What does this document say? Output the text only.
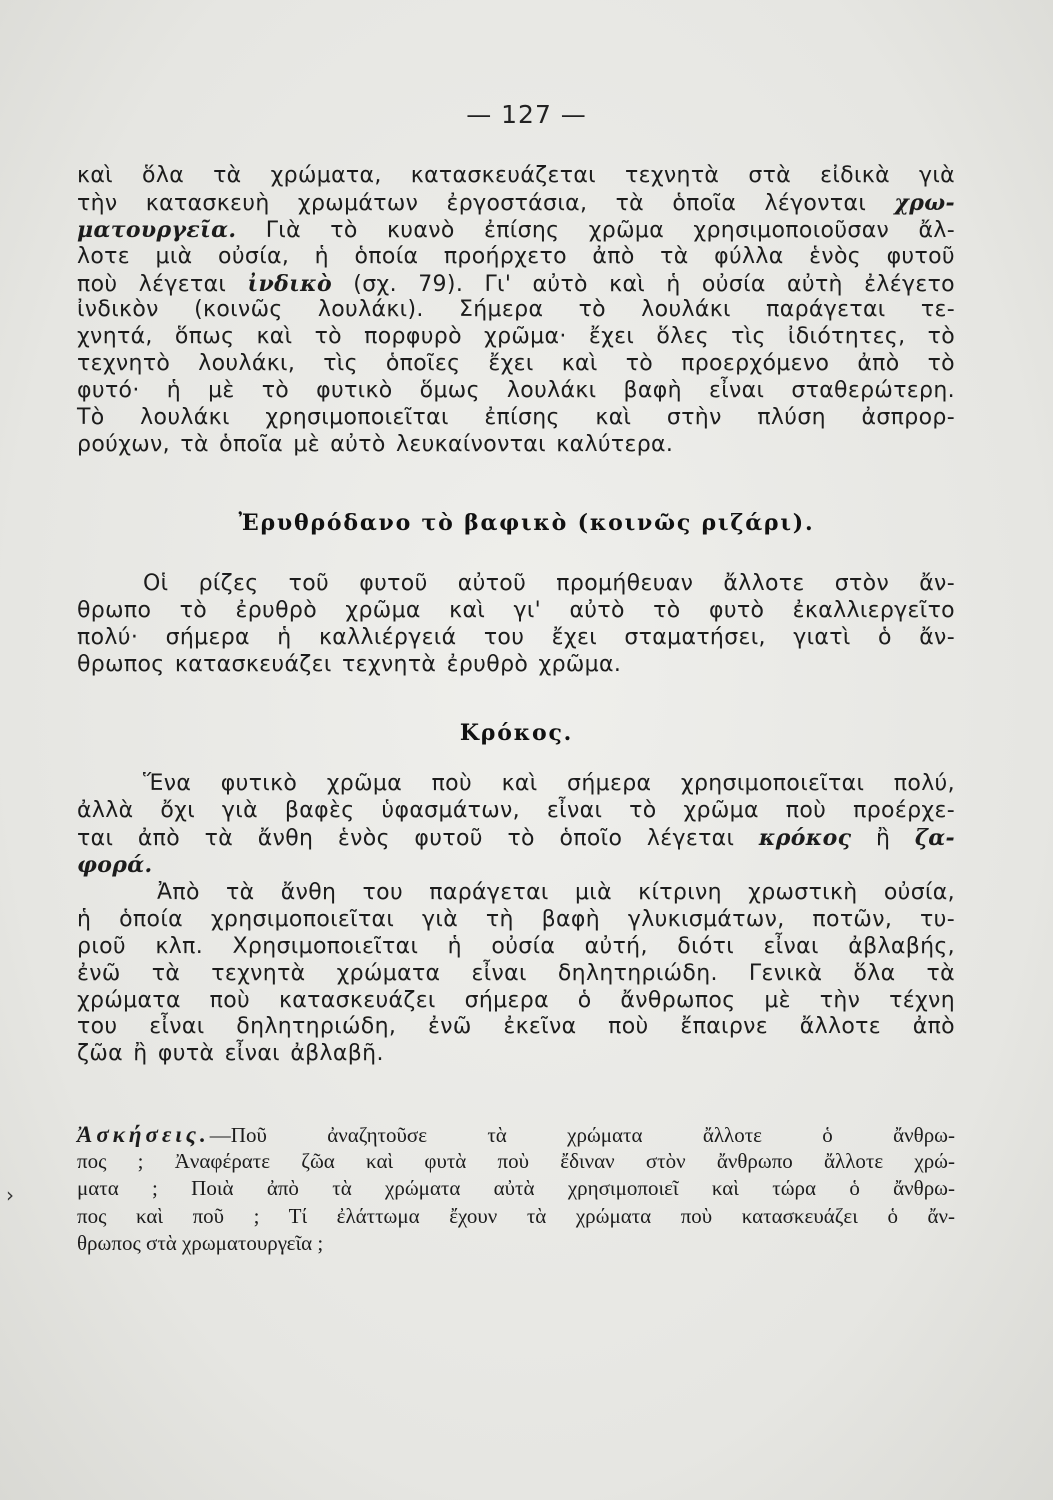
— 127 —
καὶ ὅλα τὰ χρώματα, κατασκευάζεται τεχνητὰ στὰ εἰδικὰ γιὰ
τὴν κατασκευὴ χρωμάτων ἐργοστάσια, τὰ ὁποῖα λέγονται χρω-
ματουργεῖα. Γιὰ τὸ κυανὸ ἐπίσης χρῶμα χρησιμοποιοῦσαν ἄλ-
λοτε μιὰ οὐσία, ἡ ὁποία προήρχετο ἀπὸ τὰ φύλλα ἑνὸς φυτοῦ
ποὺ λέγεται ἰνδικὸ (σχ. 79). Γι' αὐτὸ καὶ ἡ οὐσία αὐτὴ ἐλέγετο
ἰνδικὸν (κοινῶς λουλάκι). Σήμερα τὸ λουλάκι παράγεται τε-
χνητά, ὅπως καὶ τὸ πορφυρὸ χρῶμα· ἔχει ὅλες τὶς ἰδιότητες, τὸ
τεχνητὸ λουλάκι, τὶς ὁποῖες ἔχει καὶ τὸ προερχόμενο ἀπὸ τὸ
φυτό· ἡ μὲ τὸ φυτικὸ ὅμως λουλάκι βαφὴ εἶναι σταθερώτερη.
Τὸ λουλάκι χρησιμοποιεῖται ἐπίσης καὶ στὴν πλύση ἀσπρορ-
ρούχων, τὰ ὁποῖα μὲ αὐτὸ λευκαίνονται καλύτερα.
Ἐρυθρόδανο τὸ βαφικὸ (κοινῶς ριζάρι).
Οἱ ρίζες τοῦ φυτοῦ αὐτοῦ προμήθευαν ἄλλοτε στὸν ἄν-
θρωπο τὸ ἐρυθρὸ χρῶμα καὶ γι' αὐτὸ τὸ φυτὸ ἐκαλλιεργεῖτο
πολύ· σήμερα ἡ καλλιέργειά του ἔχει σταματήσει, γιατὶ ὁ ἄν-
θρωπος κατασκευάζει τεχνητὰ ἐρυθρὸ χρῶμα.
Κρόκος.
Ἕνα φυτικὸ χρῶμα ποὺ καὶ σήμερα χρησιμοποιεῖται πολύ,
ἀλλὰ ὄχι γιὰ βαφὲς ὑφασμάτων, εἶναι τὸ χρῶμα ποὺ προέρχε-
ται ἀπὸ τὰ ἄνθη ἑνὸς φυτοῦ τὸ ὁποῖο λέγεται κρόκος ἢ ζα-
φορά.
Ἀπὸ τὰ ἄνθη του παράγεται μιὰ κίτρινη χρωστικὴ οὐσία,
ἡ ὁποία χρησιμοποιεῖται γιὰ τὴ βαφὴ γλυκισμάτων, ποτῶν, τυ-
ριοῦ κλπ. Χρησιμοποιεῖται ἡ οὐσία αὐτή, διότι εἶναι ἀβλαβής,
ἐνῶ τὰ τεχνητὰ χρώματα εἶναι δηλητηριώδη. Γενικὰ ὅλα τὰ
χρώματα ποὺ κατασκευάζει σήμερα ὁ ἄνθρωπος μὲ τὴν τέχνη
του εἶναι δηλητηριώδη, ἐνῶ ἐκεῖνα ποὺ ἔπαιρνε ἄλλοτε ἀπὸ
ζῶα ἢ φυτὰ εἶναι ἀβλαβῆ.
Ἀσκήσεις.—Ποῦ ἀναζητοῦσε τὰ χρώματα ἄλλοτε ὁ ἄνθρω-
πος ; Ἀναφέρατε ζῶα καὶ φυτὰ ποὺ ἔδιναν στὸν ἄνθρωπο ἄλλοτε χρώ-
ματα ; Ποιὰ ἀπὸ τὰ χρώματα αὐτὰ χρησιμοποιεῖ καὶ τώρα ὁ ἄνθρω-
πος καὶ ποῦ ; Τί ἐλάττωμα ἔχουν τὰ χρώματα ποὺ κατασκευάζει ὁ ἄν-
θρωπος στὰ χρωματουργεῖα ;
›
